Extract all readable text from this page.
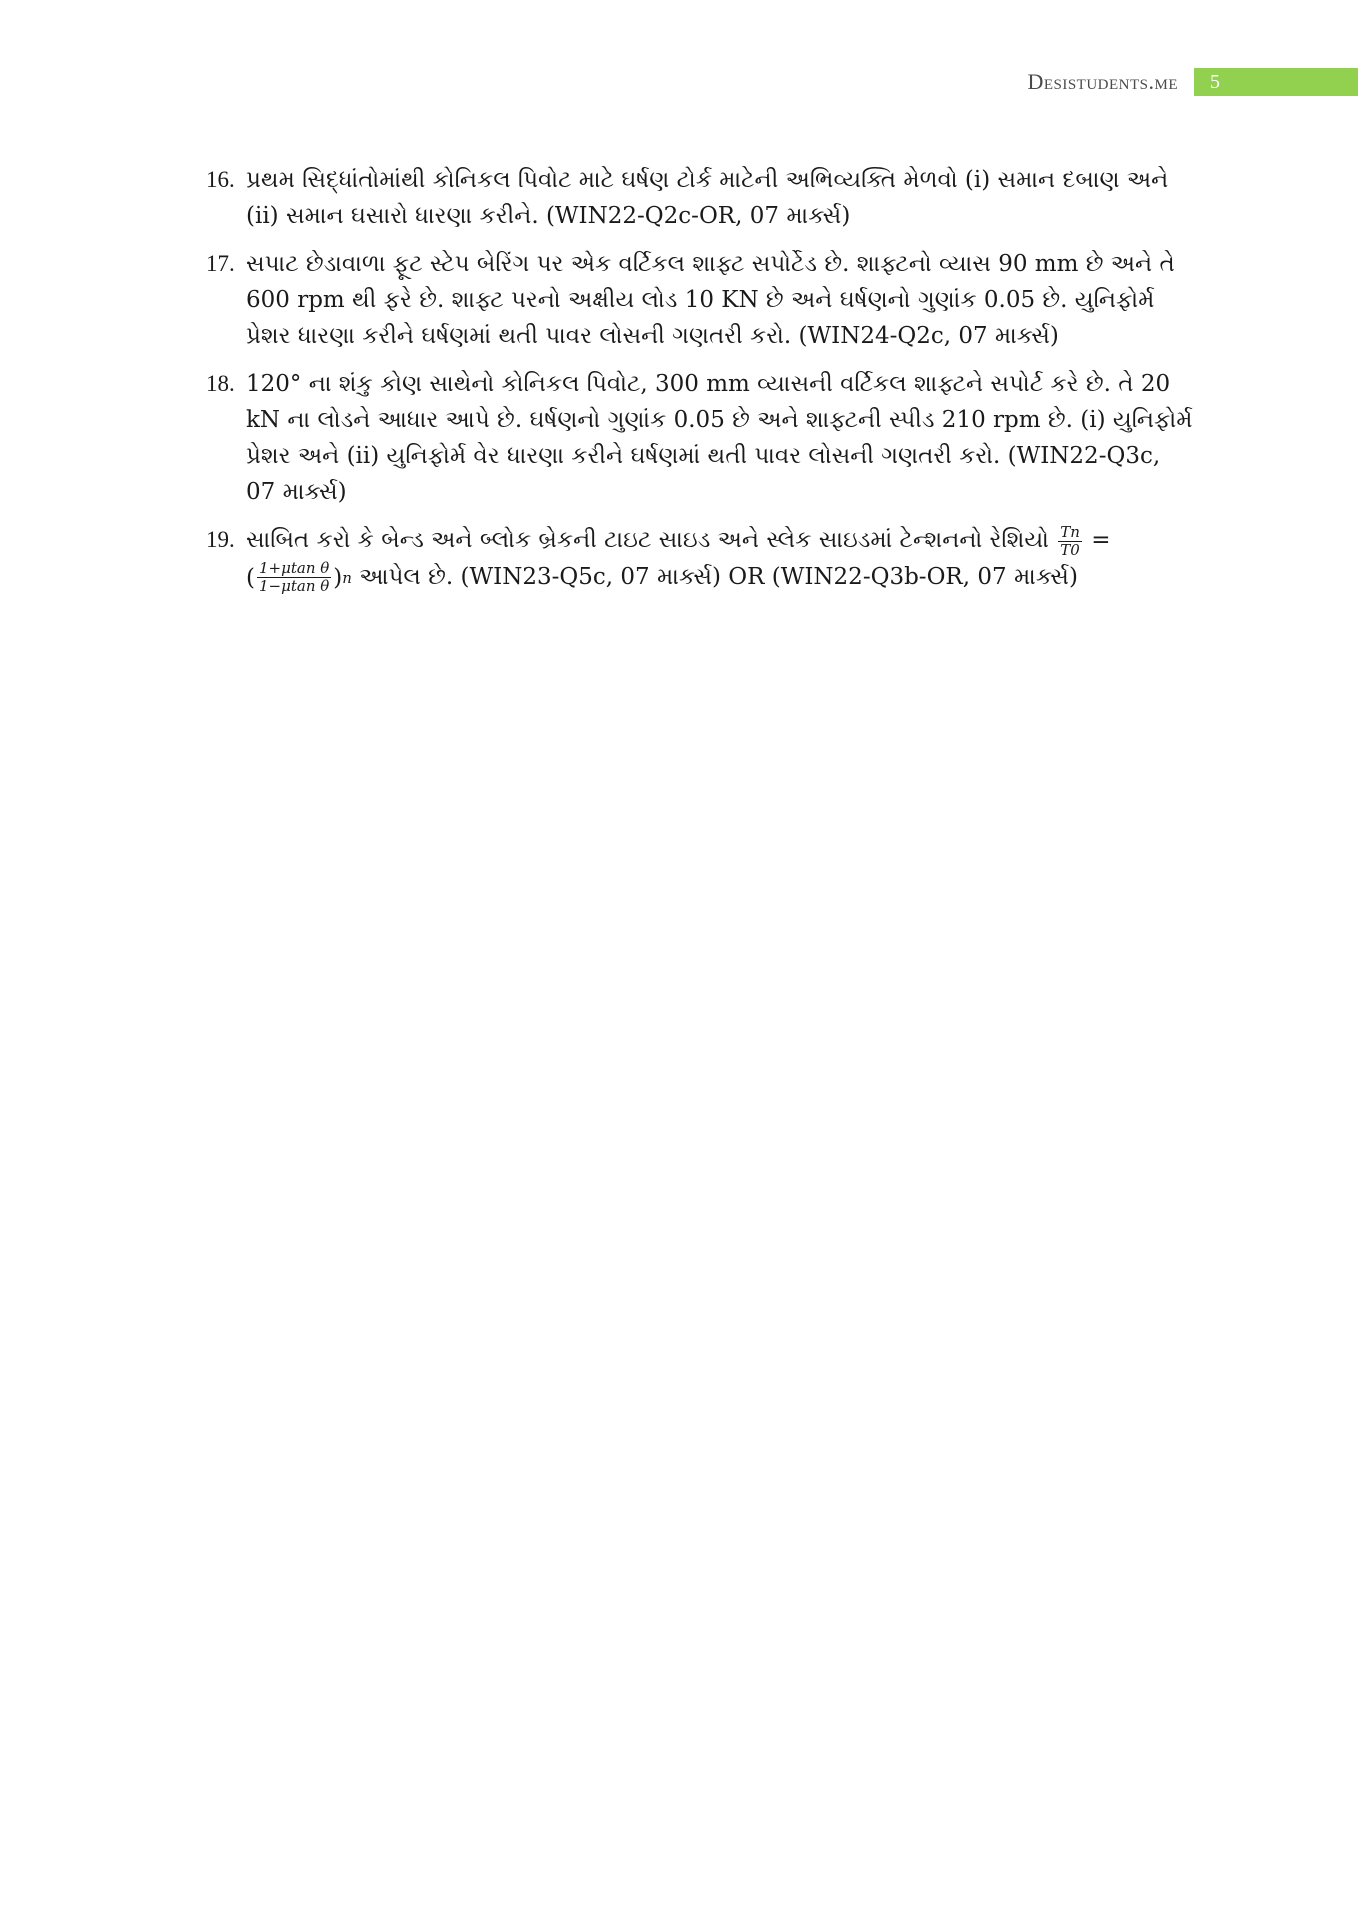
Desistudents.me	5
16. પ્રથમ સિદ્ધાંતોમાંથી કોનિકલ પિવોટ માટે ઘર્ષણ ટોર્ક માટેની અભિવ્યક્તિ મેળવો (i) સમાન દબાણ અને (ii) સમાન ઘસારો ધારણા કરીને. (WIN22-Q2c-OR, 07 માર્ક્સ)
17. સપાટ છેડાવાળા ફૂટ સ્ટેપ બેરિંગ પર એક વર્ટિકલ શાફ્ટ સપોર્ટેડ છે. શાફ્ટનો વ્યાસ 90 mm છે અને તે 600 rpm થી ફરે છે. શાફ્ટ પરનો અક્ષીય લોડ 10 KN છે અને ઘર્ષણનો ગુણાંક 0.05 છે. યુનિફોર્મ પ્રેશર ધારણા કરીને ઘર્ષણમાં થતી પાવર લોસની ગણતરી કરો. (WIN24-Q2c, 07 માર્ક્સ)
18. 120° ના શંકુ કોણ સાથેનો કોનિકલ પિવોટ, 300 mm વ્યાસની વર્ટિકલ શાફ્ટને સપોર્ટ કરે છે. તે 20 kN ના લોડને આધાર આપે છે. ઘર્ષણનો ગુણાંક 0.05 છે અને શાફ્ટની સ્પીડ 210 rpm છે. (i) યુનિફોર્મ પ્રેશર અને (ii) યુનિફોર્મ વેર ધારણા કરીને ઘર્ષણમાં થતી પાવર લોસની ગણતરી કરો. (WIN22-Q3c, 07 માર્ક્સ)
19. સાબિત કરો કે બેન્ડ અને બ્લોક બ્રેકની ટાઇટ સાઇડ અને સ્લેક સાઇડમાં ટેન્શનનો રેશિયો $\frac{Tn}{T0}$ =

( $\frac{\text{1+μtan θ}}{\text{1−μtan θ}}$ ) n આપેલ છે. (WIN23-Q5c, 07 માર્ક્સ) OR (WIN22-Q3b-OR, 07 માર્ક્સ)
